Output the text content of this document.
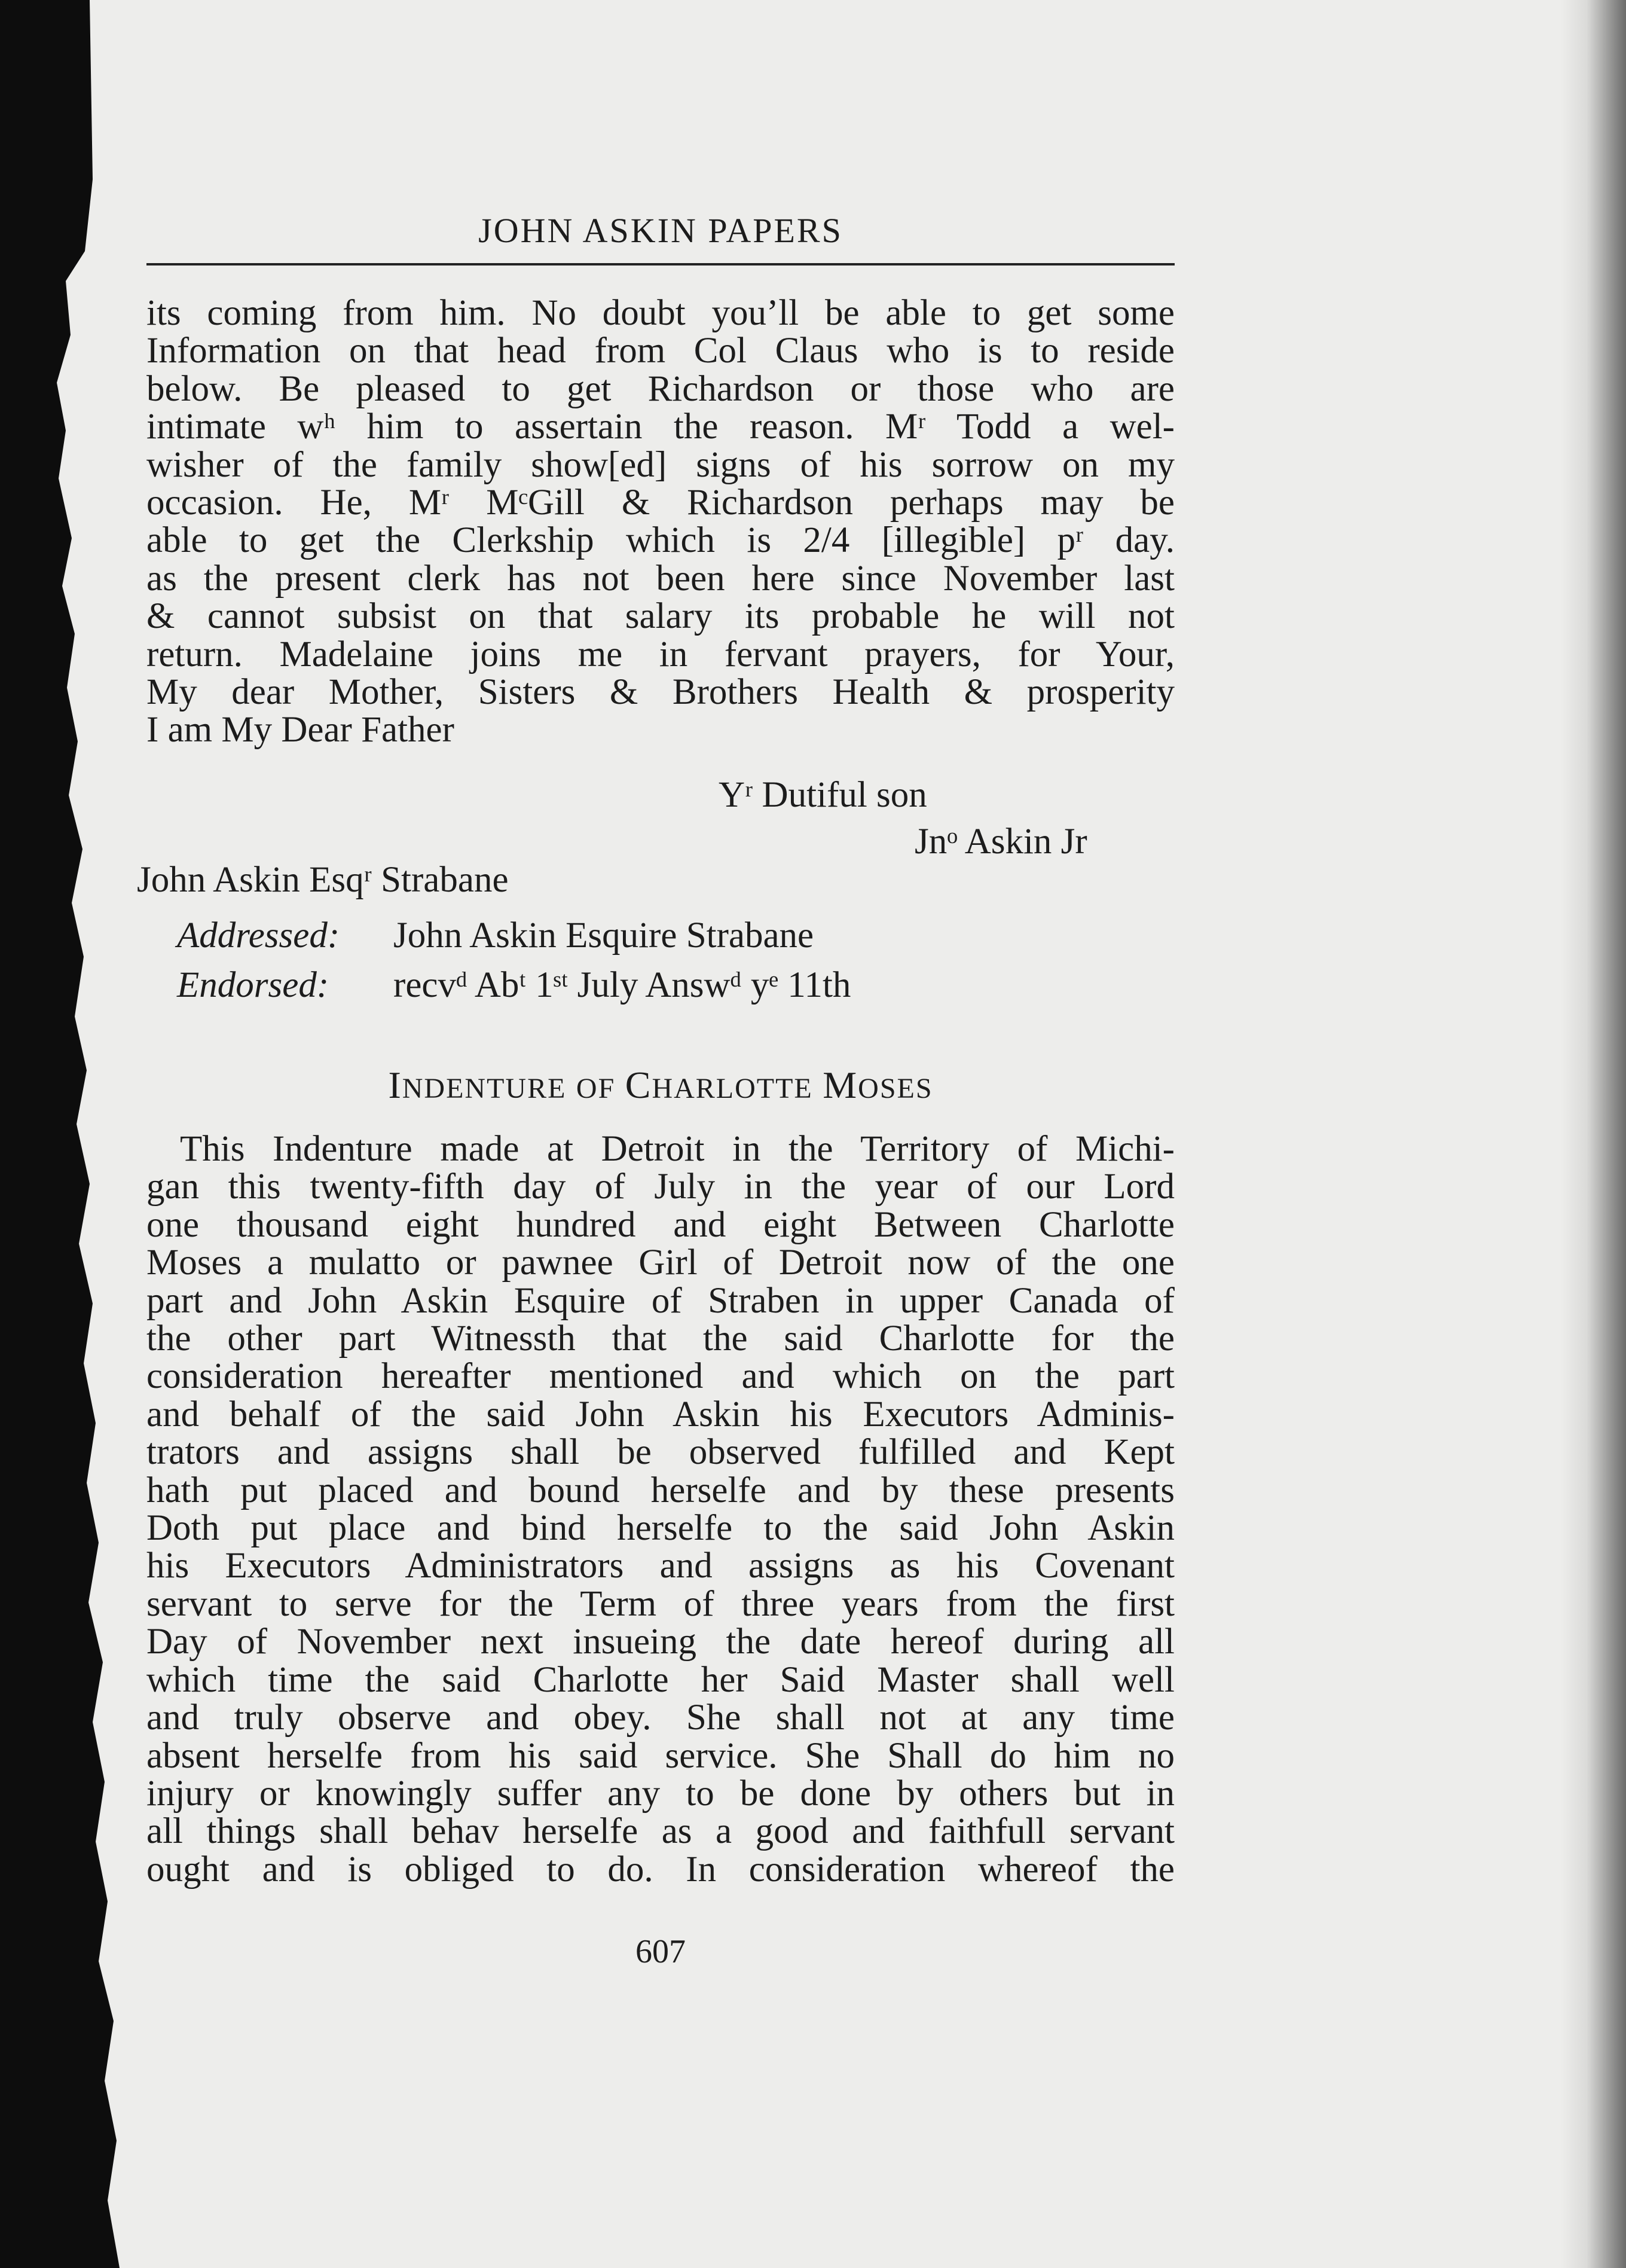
JOHN ASKIN PAPERS
its coming from him. No doubt you’ll be able to get some
Information on that head from Col Claus who is to reside
below. Be pleased to get Richardson or those who are
intimate wʰ him to assertain the reason. Mʳ Todd a wel-
wisher of the family show[ed] signs of his sorrow on my
occasion. He, Mʳ MᶜGill & Richardson perhaps may be
able to get the Clerkship which is 2/4 [illegible] pʳ day.
as the present clerk has not been here since November last
& cannot subsist on that salary its probable he will not
return. Madelaine joins me in fervant prayers, for Your,
My dear Mother, Sisters & Brothers Health & prosperity
I am My Dear Father
Yʳ Dutiful son
Jnᵒ Askin Jr
John Askin Esqʳ Strabane
Addressed: John Askin Esquire Strabane
Endorsed: recvᵈ Abᵗ 1ˢᵗ July Answᵈ yᵉ 11th
INDENTURE OF CHARLOTTE MOSES
This Indenture made at Detroit in the Territory of Michi-
gan this twenty-fifth day of July in the year of our Lord
one thousand eight hundred and eight Between Charlotte
Moses a mulatto or pawnee Girl of Detroit now of the one
part and John Askin Esquire of Straben in upper Canada of
the other part Witnessth that the said Charlotte for the
consideration hereafter mentioned and which on the part
and behalf of the said John Askin his Executors Adminis-
trators and assigns shall be observed fulfilled and Kept
hath put placed and bound herselfe and by these presents
Doth put place and bind herselfe to the said John Askin
his Executors Administrators and assigns as his Covenant
servant to serve for the Term of three years from the first
Day of November next insueing the date hereof during all
which time the said Charlotte her Said Master shall well
and truly observe and obey. She shall not at any time
absent herselfe from his said service. She Shall do him no
injury or knowingly suffer any to be done by others but in
all things shall behav herselfe as a good and faithfull servant
ought and is obliged to do. In consideration whereof the
607
